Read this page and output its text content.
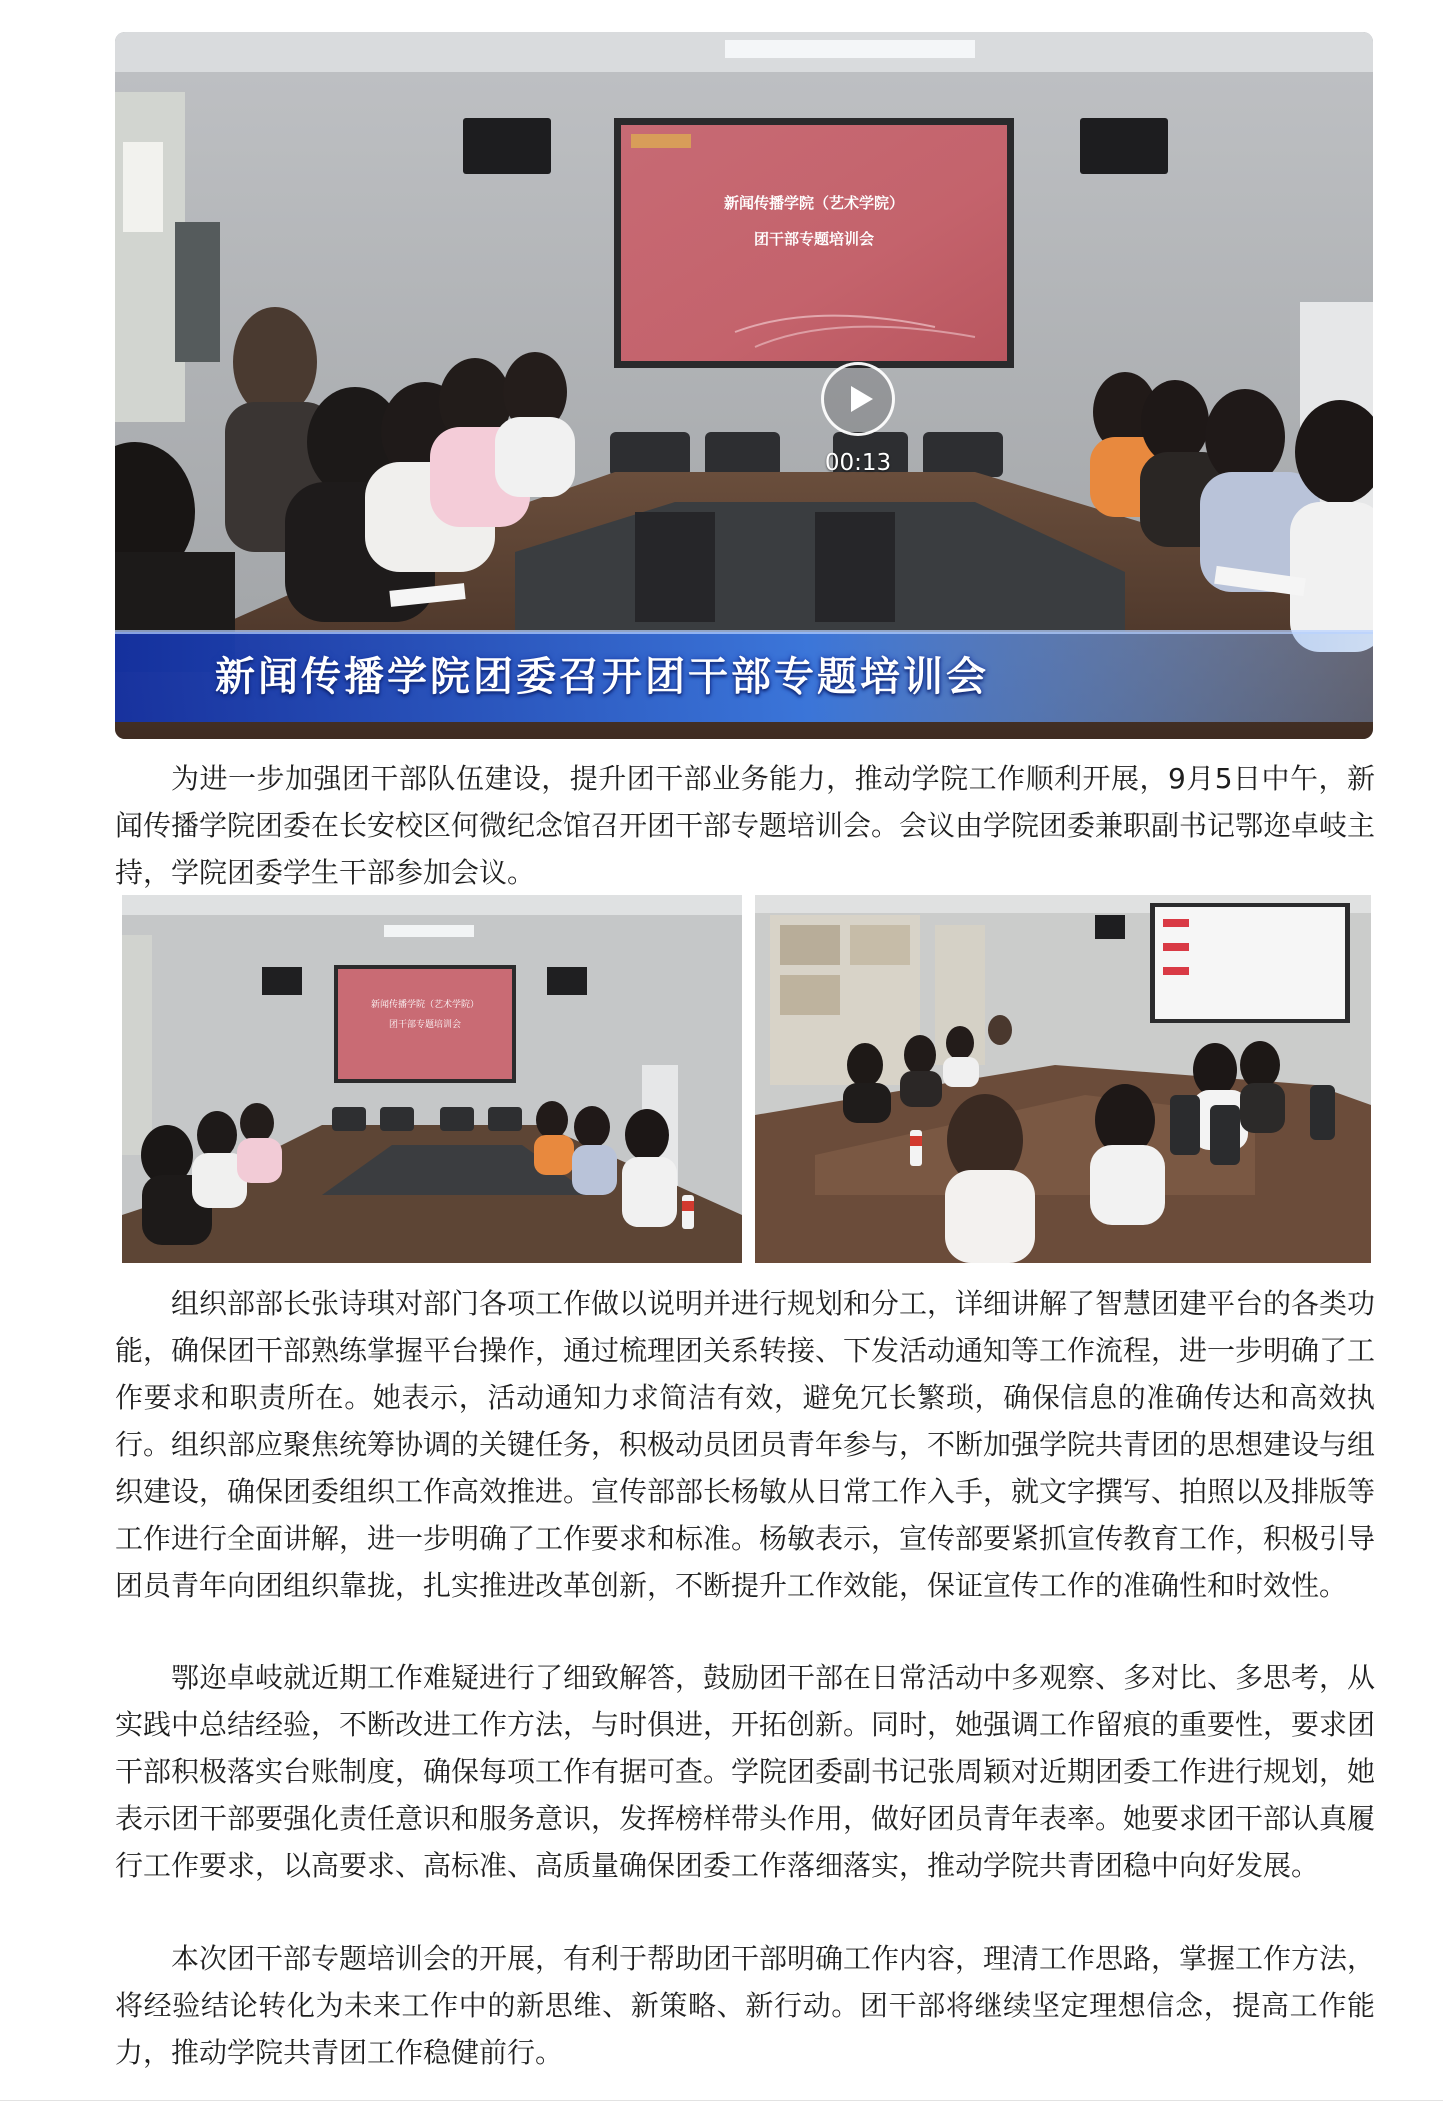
新闻传播学院（艺术学院）
团干部专题培训会
00:13
新闻传播学院团委召开团干部专题培训会

为进一步加强团干部队伍建设，提升团干部业务能力，推动学院工作顺利开展，9月5日中午，新闻传播学院团委在长安校区何微纪念馆召开团干部专题培训会。会议由学院团委兼职副书记鄂迩卓岐主持，学院团委学生干部参加会议。

新闻传播学院（艺术学院）
团干部专题培训会

组织部部长张诗琪对部门各项工作做以说明并进行规划和分工，详细讲解了智慧团建平台的各类功能，确保团干部熟练掌握平台操作，通过梳理团关系转接、下发活动通知等工作流程，进一步明确了工作要求和职责所在。她表示，活动通知力求简洁有效，避免冗长繁琐，确保信息的准确传达和高效执行。组织部应聚焦统筹协调的关键任务，积极动员团员青年参与，不断加强学院共青团的思想建设与组织建设，确保团委组织工作高效推进。宣传部部长杨敏从日常工作入手，就文字撰写、拍照以及排版等工作进行全面讲解，进一步明确了工作要求和标准。杨敏表示，宣传部要紧抓宣传教育工作，积极引导团员青年向团组织靠拢，扎实推进改革创新，不断提升工作效能，保证宣传工作的准确性和时效性。

鄂迩卓岐就近期工作难疑进行了细致解答，鼓励团干部在日常活动中多观察、多对比、多思考，从实践中总结经验，不断改进工作方法，与时俱进，开拓创新。同时，她强调工作留痕的重要性，要求团干部积极落实台账制度，确保每项工作有据可查。学院团委副书记张周颖对近期团委工作进行规划，她表示团干部要强化责任意识和服务意识，发挥榜样带头作用，做好团员青年表率。她要求团干部认真履行工作要求，以高要求、高标准、高质量确保团委工作落细落实，推动学院共青团稳中向好发展。

本次团干部专题培训会的开展，有利于帮助团干部明确工作内容，理清工作思路，掌握工作方法，将经验结论转化为未来工作中的新思维、新策略、新行动。团干部将继续坚定理想信念，提高工作能力，推动学院共青团工作稳健前行。
